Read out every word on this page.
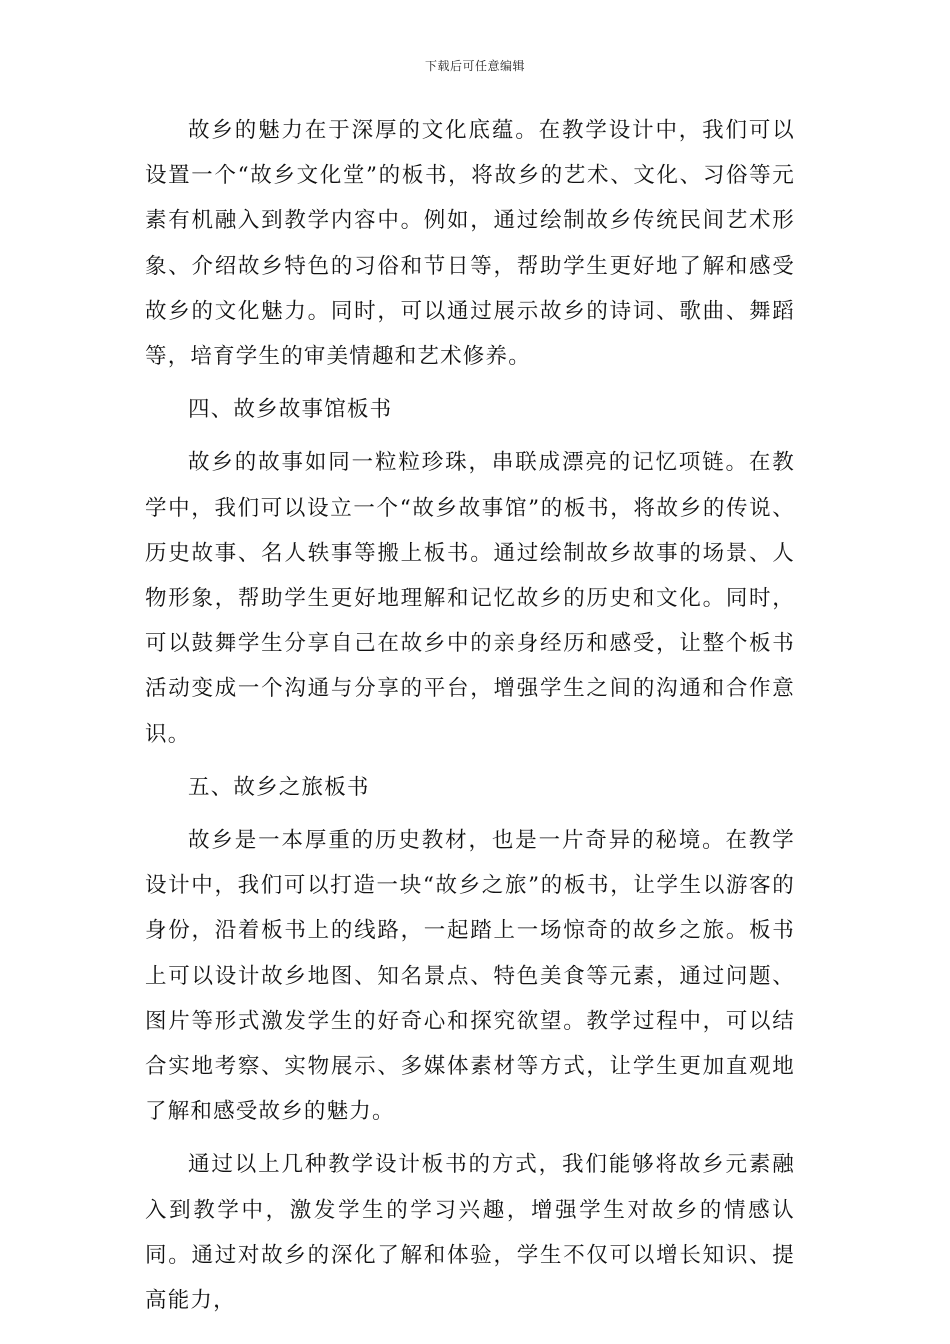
下载后可任意编辑

故乡的魅力在于深厚的文化底蕴。在教学设计中，我们可以设置一个“故乡文化堂”的板书，将故乡的艺术、文化、习俗等元素有机融入到教学内容中。例如，通过绘制故乡传统民间艺术形象、介绍故乡特色的习俗和节日等，帮助学生更好地了解和感受故乡的文化魅力。同时，可以通过展示故乡的诗词、歌曲、舞蹈等，培育学生的审美情趣和艺术修养。

四、故乡故事馆板书

故乡的故事如同一粒粒珍珠，串联成漂亮的记忆项链。在教学中，我们可以设立一个“故乡故事馆”的板书，将故乡的传说、历史故事、名人轶事等搬上板书。通过绘制故乡故事的场景、人物形象，帮助学生更好地理解和记忆故乡的历史和文化。同时，可以鼓舞学生分享自己在故乡中的亲身经历和感受，让整个板书活动变成一个沟通与分享的平台，增强学生之间的沟通和合作意识。

五、故乡之旅板书

故乡是一本厚重的历史教材，也是一片奇异的秘境。在教学设计中，我们可以打造一块“故乡之旅”的板书，让学生以游客的身份，沿着板书上的线路，一起踏上一场惊奇的故乡之旅。板书上可以设计故乡地图、知名景点、特色美食等元素，通过问题、图片等形式激发学生的好奇心和探究欲望。教学过程中，可以结合实地考察、实物展示、多媒体素材等方式，让学生更加直观地了解和感受故乡的魅力。

通过以上几种教学设计板书的方式，我们能够将故乡元素融入到教学中，激发学生的学习兴趣，增强学生对故乡的情感认同。通过对故乡的深化了解和体验，学生不仅可以增长知识、提高能力，
